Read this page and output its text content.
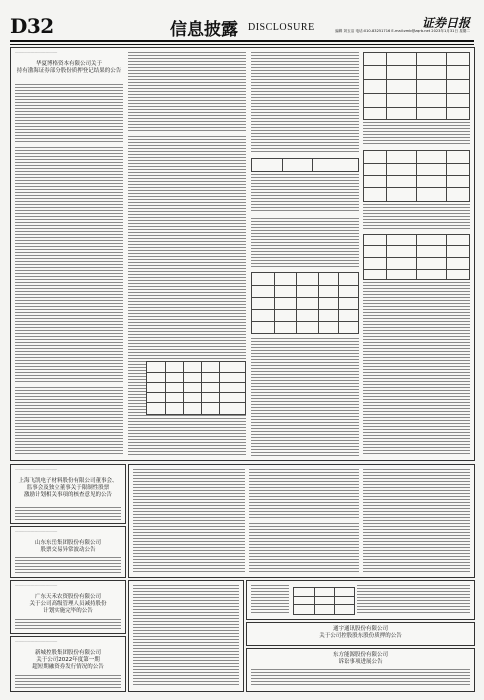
D32	信息披露 DISCLOSURE	证券日报
编辑 刘玉洁 电话:010-83251716 E-mail:zmb@zqrb.net 2023年1月31日 星期二
┈┈┈┈┈┈┈┈┈┈┈┈┈┈┈┈┈┈┈┈┈┈
华夏博格资本有限公司关于
持有渤海证券部分股份质押登记结果的公告
┈┈┈┈┈┈┈┈┈┈┈┈┈┈┈┈┈┈┈┈┈┈
上海飞凯电子材料股份有限公司董事会、
监事会及独立董事关于限制性股票
激励计划相关事项的核查意见的公告
┈┈┈┈┈┈┈┈┈┈┈┈┈┈┈┈┈┈┈┈┈┈
山东东岳集团股份有限公司
股票交易异常波动公告
┈┈┈┈┈┈┈┈┈┈┈┈┈┈┈┈┈┈┈┈┈┈
广东天禾农资股份有限公司
关于公司高级管理人员减持股份
计划实施完毕的公告
┈┈┈┈┈┈┈┈┈┈┈┈┈┈┈┈┈┈┈┈┈┈
新城控股集团股份有限公司
关于公司2022年度第一期
超短期融资券发行情况的公告
通宇通讯股份有限公司
关于公司控股股东股份质押的公告
东方能源股份有限公司
诉讼事项进展公告
